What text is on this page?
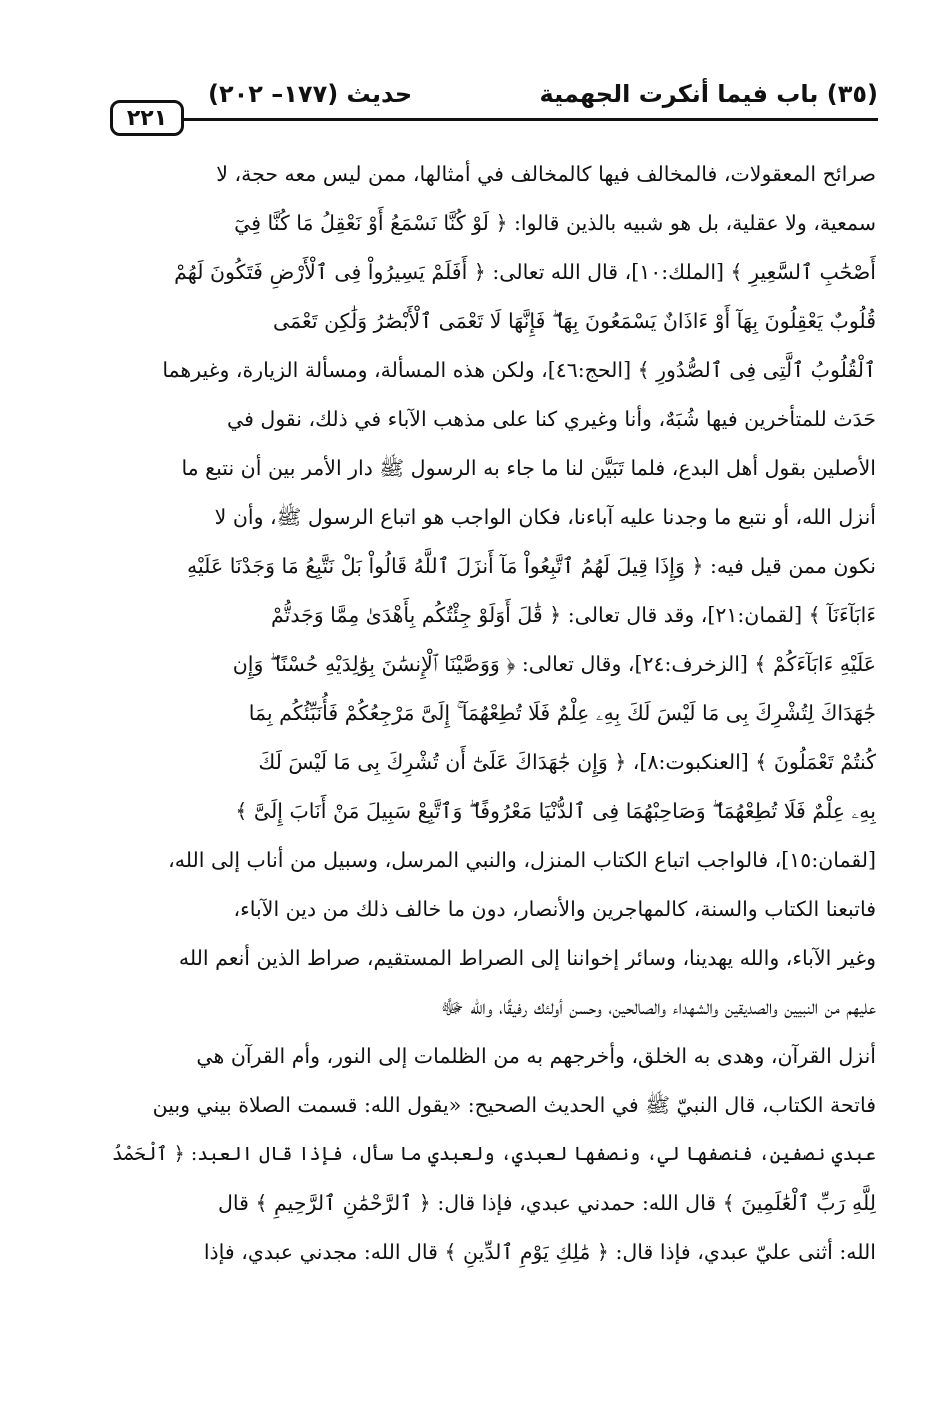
(٣٥) باب فيما أنكرت الجهمية
حديث (١٧٧– ٢٠٢)
٢٢١
صرائح المعقولات، فالمخالف فيها كالمخالف في أمثالها، ممن ليس معه حجة، لا
سمعية، ولا عقلية، بل هو شبيه بالذين قالوا: ﴿ لَوْ كُنَّا نَسْمَعُ أَوْ نَعْقِلُ مَا كُنَّا فِيٓ
أَصْحَٰبِ ٱلسَّعِيرِ ﴾ [الملك:١٠]، قال الله تعالى: ﴿ أَفَلَمْ يَسِيرُواْ فِى ٱلْأَرْضِ فَتَكُونَ لَهُمْ
قُلُوبٌ يَعْقِلُونَ بِهَآ أَوْ ءَاذَانٌ يَسْمَعُونَ بِهَا ۖ فَإِنَّهَا لَا تَعْمَى ٱلْأَبْصَٰرُ وَلَٰكِن تَعْمَى
ٱلْقُلُوبُ ٱلَّتِى فِى ٱلصُّدُورِ ﴾ [الحج:٤٦]، ولكن هذه المسألة، ومسألة الزيارة، وغيرهما
حَدَث للمتأخرين فيها شُبَهٌ، وأنا وغيري كنا على مذهب الآباء في ذلك، نقول في
الأصلين بقول أهل البدع، فلما تَبَيَّن لنا ما جاء به الرسول ﷺ دار الأمر بين أن نتبع ما
أنزل الله، أو نتبع ما وجدنا عليه آباءنا، فكان الواجب هو اتباع الرسول ﷺ، وأن لا
نكون ممن قيل فيه: ﴿ وَإِذَا قِيلَ لَهُمُ ٱتَّبِعُواْ مَآ أَنزَلَ ٱللَّهُ قَالُواْ بَلْ نَتَّبِعُ مَا وَجَدْنَا عَلَيْهِ
ءَابَآءَنَآ ﴾ [لقمان:٢١]، وقد قال تعالى: ﴿ قَٰلَ أَوَلَوْ جِئْتُكُم بِأَهْدَىٰ مِمَّا وَجَدتُّمْ
عَلَيْهِ ءَابَآءَكُمْ ﴾ [الزخرف:٢٤]، وقال تعالى: ﴿ وَوَصَّيْنَا ٱلْإِنسَٰنَ بِوَٰلِدَيْهِ حُسْنًا ۖ وَإِن
جَٰهَدَاكَ لِتُشْرِكَ بِى مَا لَيْسَ لَكَ بِهِۦ عِلْمٌ فَلَا تُطِعْهُمَآ ۚ إِلَىَّ مَرْجِعُكُمْ فَأُنَبِّئُكُم بِمَا
كُنتُمْ تَعْمَلُونَ ﴾ [العنكبوت:٨]، ﴿ وَإِن جَٰهَدَاكَ عَلَىٰٓ أَن تُشْرِكَ بِى مَا لَيْسَ لَكَ
بِهِۦ عِلْمٌ فَلَا تُطِعْهُمَا ۖ وَصَاحِبْهُمَا فِى ٱلدُّنْيَا مَعْرُوفًا ۖ وَٱتَّبِعْ سَبِيلَ مَنْ أَنَابَ إِلَىَّ ﴾
[لقمان:١٥]، فالواجب اتباع الكتاب المنزل، والنبي المرسل، وسبيل من أناب إلى الله،
فاتبعنا الكتاب والسنة، كالمهاجرين والأنصار، دون ما خالف ذلك من دين الآباء،
وغير الآباء، والله يهدينا، وسائر إخواننا إلى الصراط المستقيم، صراط الذين أنعم الله
عليهم من النبيين والصديقين والشهداء والصالحين، وحسن أولئك رفيقًا، والله ﷻ
أنزل القرآن، وهدى به الخلق، وأخرجهم به من الظلمات إلى النور، وأم القرآن هي
فاتحة الكتاب، قال النبيّ ﷺ في الحديث الصحيح: «يقول الله: قسمت الصلاة بيني وبين
عبدي نصفين، فنصفها لي، ونصفها لعبدي، ولعبدي ما سأل، فإذا قال العبد: ﴿ ٱلْحَمْدُ
لِلَّهِ رَبِّ ٱلْعَٰلَمِينَ ﴾ قال الله: حمدني عبدي، فإذا قال: ﴿ ٱلرَّحْمَٰنِ ٱلرَّحِيمِ ﴾ قال
الله: أثنى عليّ عبدي، فإذا قال: ﴿ مَٰلِكِ يَوْمِ ٱلدِّينِ ﴾ قال الله: مجدني عبدي، فإذا
